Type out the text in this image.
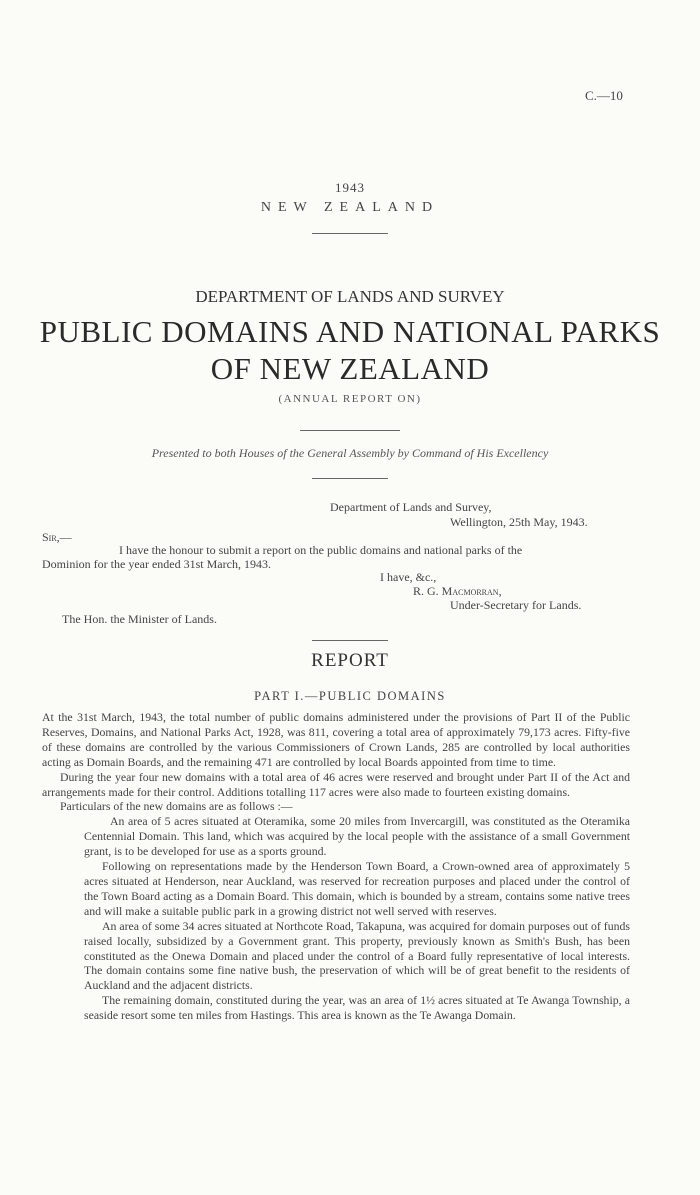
C.—10
1943
NEW ZEALAND
DEPARTMENT OF LANDS AND SURVEY
PUBLIC DOMAINS AND NATIONAL PARKS
OF NEW ZEALAND
(ANNUAL REPORT ON)
Presented to both Houses of the General Assembly by Command of His Excellency
Department of Lands and Survey,
Wellington, 25th May, 1943.
Sir,—
I have the honour to submit a report on the public domains and national parks of the
Dominion for the year ended 31st March, 1943.
I have, &c.,
R. G. Macmorran,
Under-Secretary for Lands.
The Hon. the Minister of Lands.
REPORT
PART I.—PUBLIC DOMAINS

At the 31st March, 1943, the total number of public domains administered under the provisions of Part II of the Public Reserves, Domains, and National Parks Act, 1928, was 811, covering a total area of approximately 79,173 acres. Fifty-five of these domains are controlled by the various Commissioners of Crown Lands, 285 are controlled by local authorities acting as Domain Boards, and the remaining 471 are controlled by local Boards appointed from time to time.

During the year four new domains with a total area of 46 acres were reserved and brought under Part II of the Act and arrangements made for their control. Additions totalling 117 acres were also made to fourteen existing domains.

Particulars of the new domains are as follows :—

An area of 5 acres situated at Oteramika, some 20 miles from Invercargill, was constituted as the Oteramika Centennial Domain. This land, which was acquired by the local people with the assistance of a small Government grant, is to be developed for use as a sports ground.

Following on representations made by the Henderson Town Board, a Crown-owned area of approximately 5 acres situated at Henderson, near Auckland, was reserved for recreation purposes and placed under the control of the Town Board acting as a Domain Board. This domain, which is bounded by a stream, contains some native trees and will make a suitable public park in a growing district not well served with reserves.

An area of some 34 acres situated at Northcote Road, Takapuna, was acquired for domain purposes out of funds raised locally, subsidized by a Government grant. This property, previously known as Smith's Bush, has been constituted as the Onewa Domain and placed under the control of a Board fully representative of local interests. The domain contains some fine native bush, the preservation of which will be of great benefit to the residents of Auckland and the adjacent districts.

The remaining domain, constituted during the year, was an area of 1½ acres situated at Te Awanga Township, a seaside resort some ten miles from Hastings. This area is known as the Te Awanga Domain.
